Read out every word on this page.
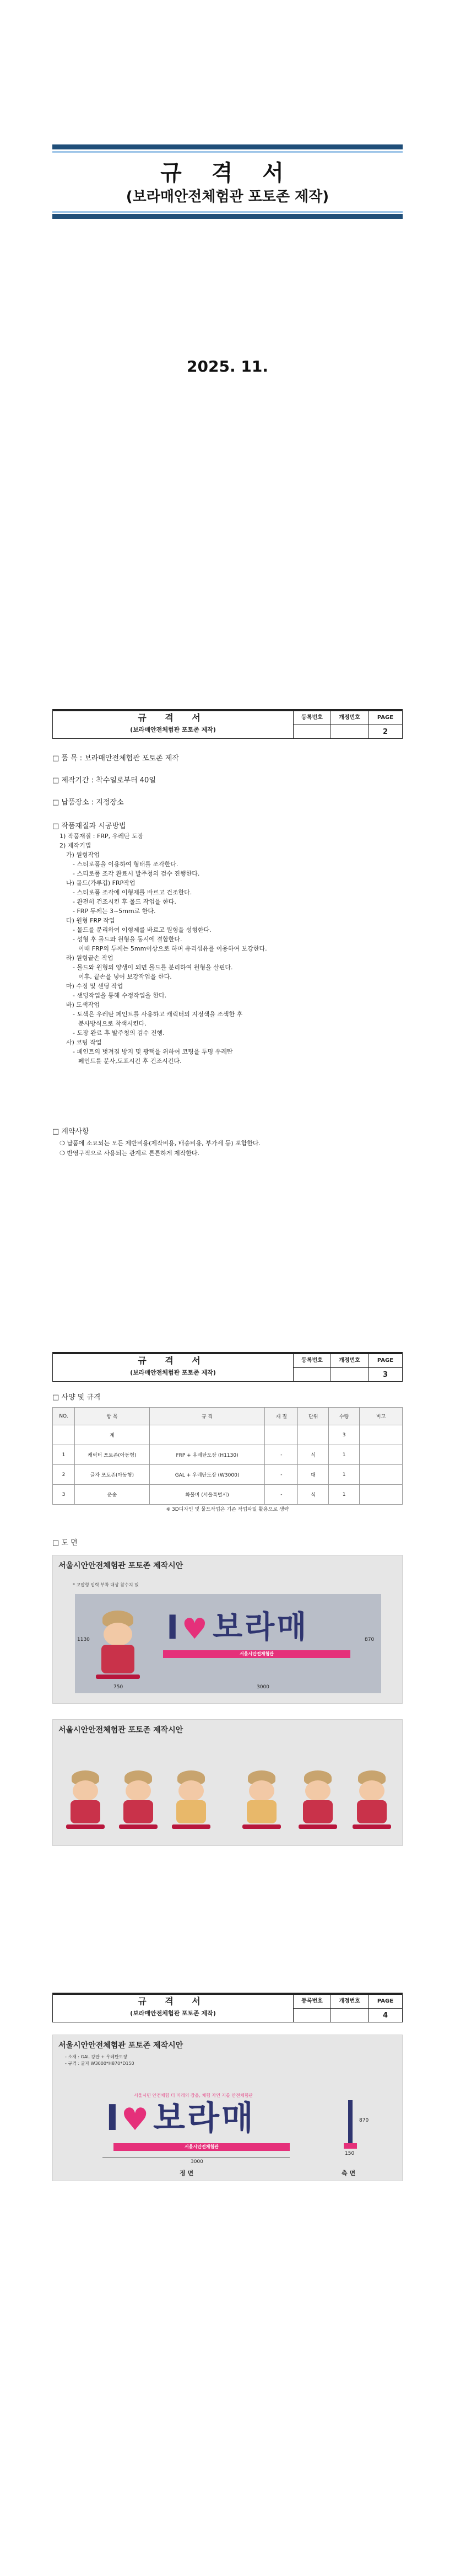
규 격 서
(보라매안전체험관 포토존 제작)
2025. 11.
규 격 서
(보라매안전체험관 포토존 제작)
등록번호	개정번호	PAGE
2
□ 품 목 : 보라매안전체험관 포토존 제작
□ 제작기간 : 착수일로부터 40일
□ 납품장소 : 지정장소
□ 작품재질과 시공방법
1) 작품재질 : FRP, 우레탄 도장
2) 제작기법
가) 원형작업
- 스티로폼을 이용하여 형태를 조각한다.
- 스티로폼 조각 완료시 발주청의 검수 진행한다.
나) 몰드(가루깁) FRP작업
- 스티로폼 조각에 이형제를 바르고 건조한다.
- 완전히 건조시킨 후 몰드 작업을 한다.
- FRP 두께는 3~5mm로 한다.
다) 원형 FRP 작업
- 몰드를 분리하여 이형제를 바르고 원형을 성형한다.
- 성형 후 몰드와 원형을 동시에 결합한다.
이때 FRP의 두께는 5mm이상으로 하며 유리섬유를 이용하여 보강한다.
라) 원형끝손 작업
- 몰드와 원형의 양생이 되면 몰드를 분리하여 원형을 살핀다.
이후, 끝손을 넣어 보강작업을 한다.
마) 수정 및 샌딩 작업
- 샌딩작업을 통해 수정작업을 한다.
바) 도색작업
- 도색은 우레탄 페인트를 사용하고 캐릭터의 지정색을 조색한 후
분사방식으로 착색시킨다.
- 도장 완료 후 발주청의 검수 진행.
사) 코팅 작업
- 페인트의 벗겨짐 방지 및 광택을 위하여 코팅을 투명 우레탄
페인트를 분사,도포시킨 후 건조시킨다.
□ 계약사항
❍ 납품에 소요되는 모든 제반비용(제작비용, 배송비용, 부가세 등) 포함한다.
❍ 반영구적으로 사용되는 관계로 튼튼하게 제작한다.
규 격 서
(보라매안전체험관 포토존 제작)
등록번호	개정번호	PAGE
3
□ 사양 및 규격
NO.	항 목	규 격	재 질	단위	수량	비고
	계				3	
1	캐릭터 포토존(아동형)	FRP + 우레탄도장 (H1130)	-	식	1	
2	글자 포토존(아동형)	GAL + 우레탄도장 (W3000)	-	대	1	
3	운송	화물비 (서울특별시)	-	식	1	
※ 3D디자인 및 물드작업은 기존 작업파일 활용으로 생략
□ 도 면
서울시안안전체험관 포토존 제작시안
* 고압형 입력 부착 대상 참수치 있
1130
750	3000
870
I ♥ 보라매
서울시안전체험관
서울시안안전체험관 포토존 제작시안
규 격 서
(보라매안전체험관 포토존 제작)
등록번호	개정번호	PAGE
4
서울시안안전체험관 포토존 제작시안
- 소재 : GAL 강판 + 우레탄도장
- 규격 : 글자 W3000*H870*D150
서울시민 안전체험 더 미래의 장을, 체험 자연 지를 안전체험관
I ♥ 보라매
서울시안전체험관
3000
정 면
870
150
측 면
